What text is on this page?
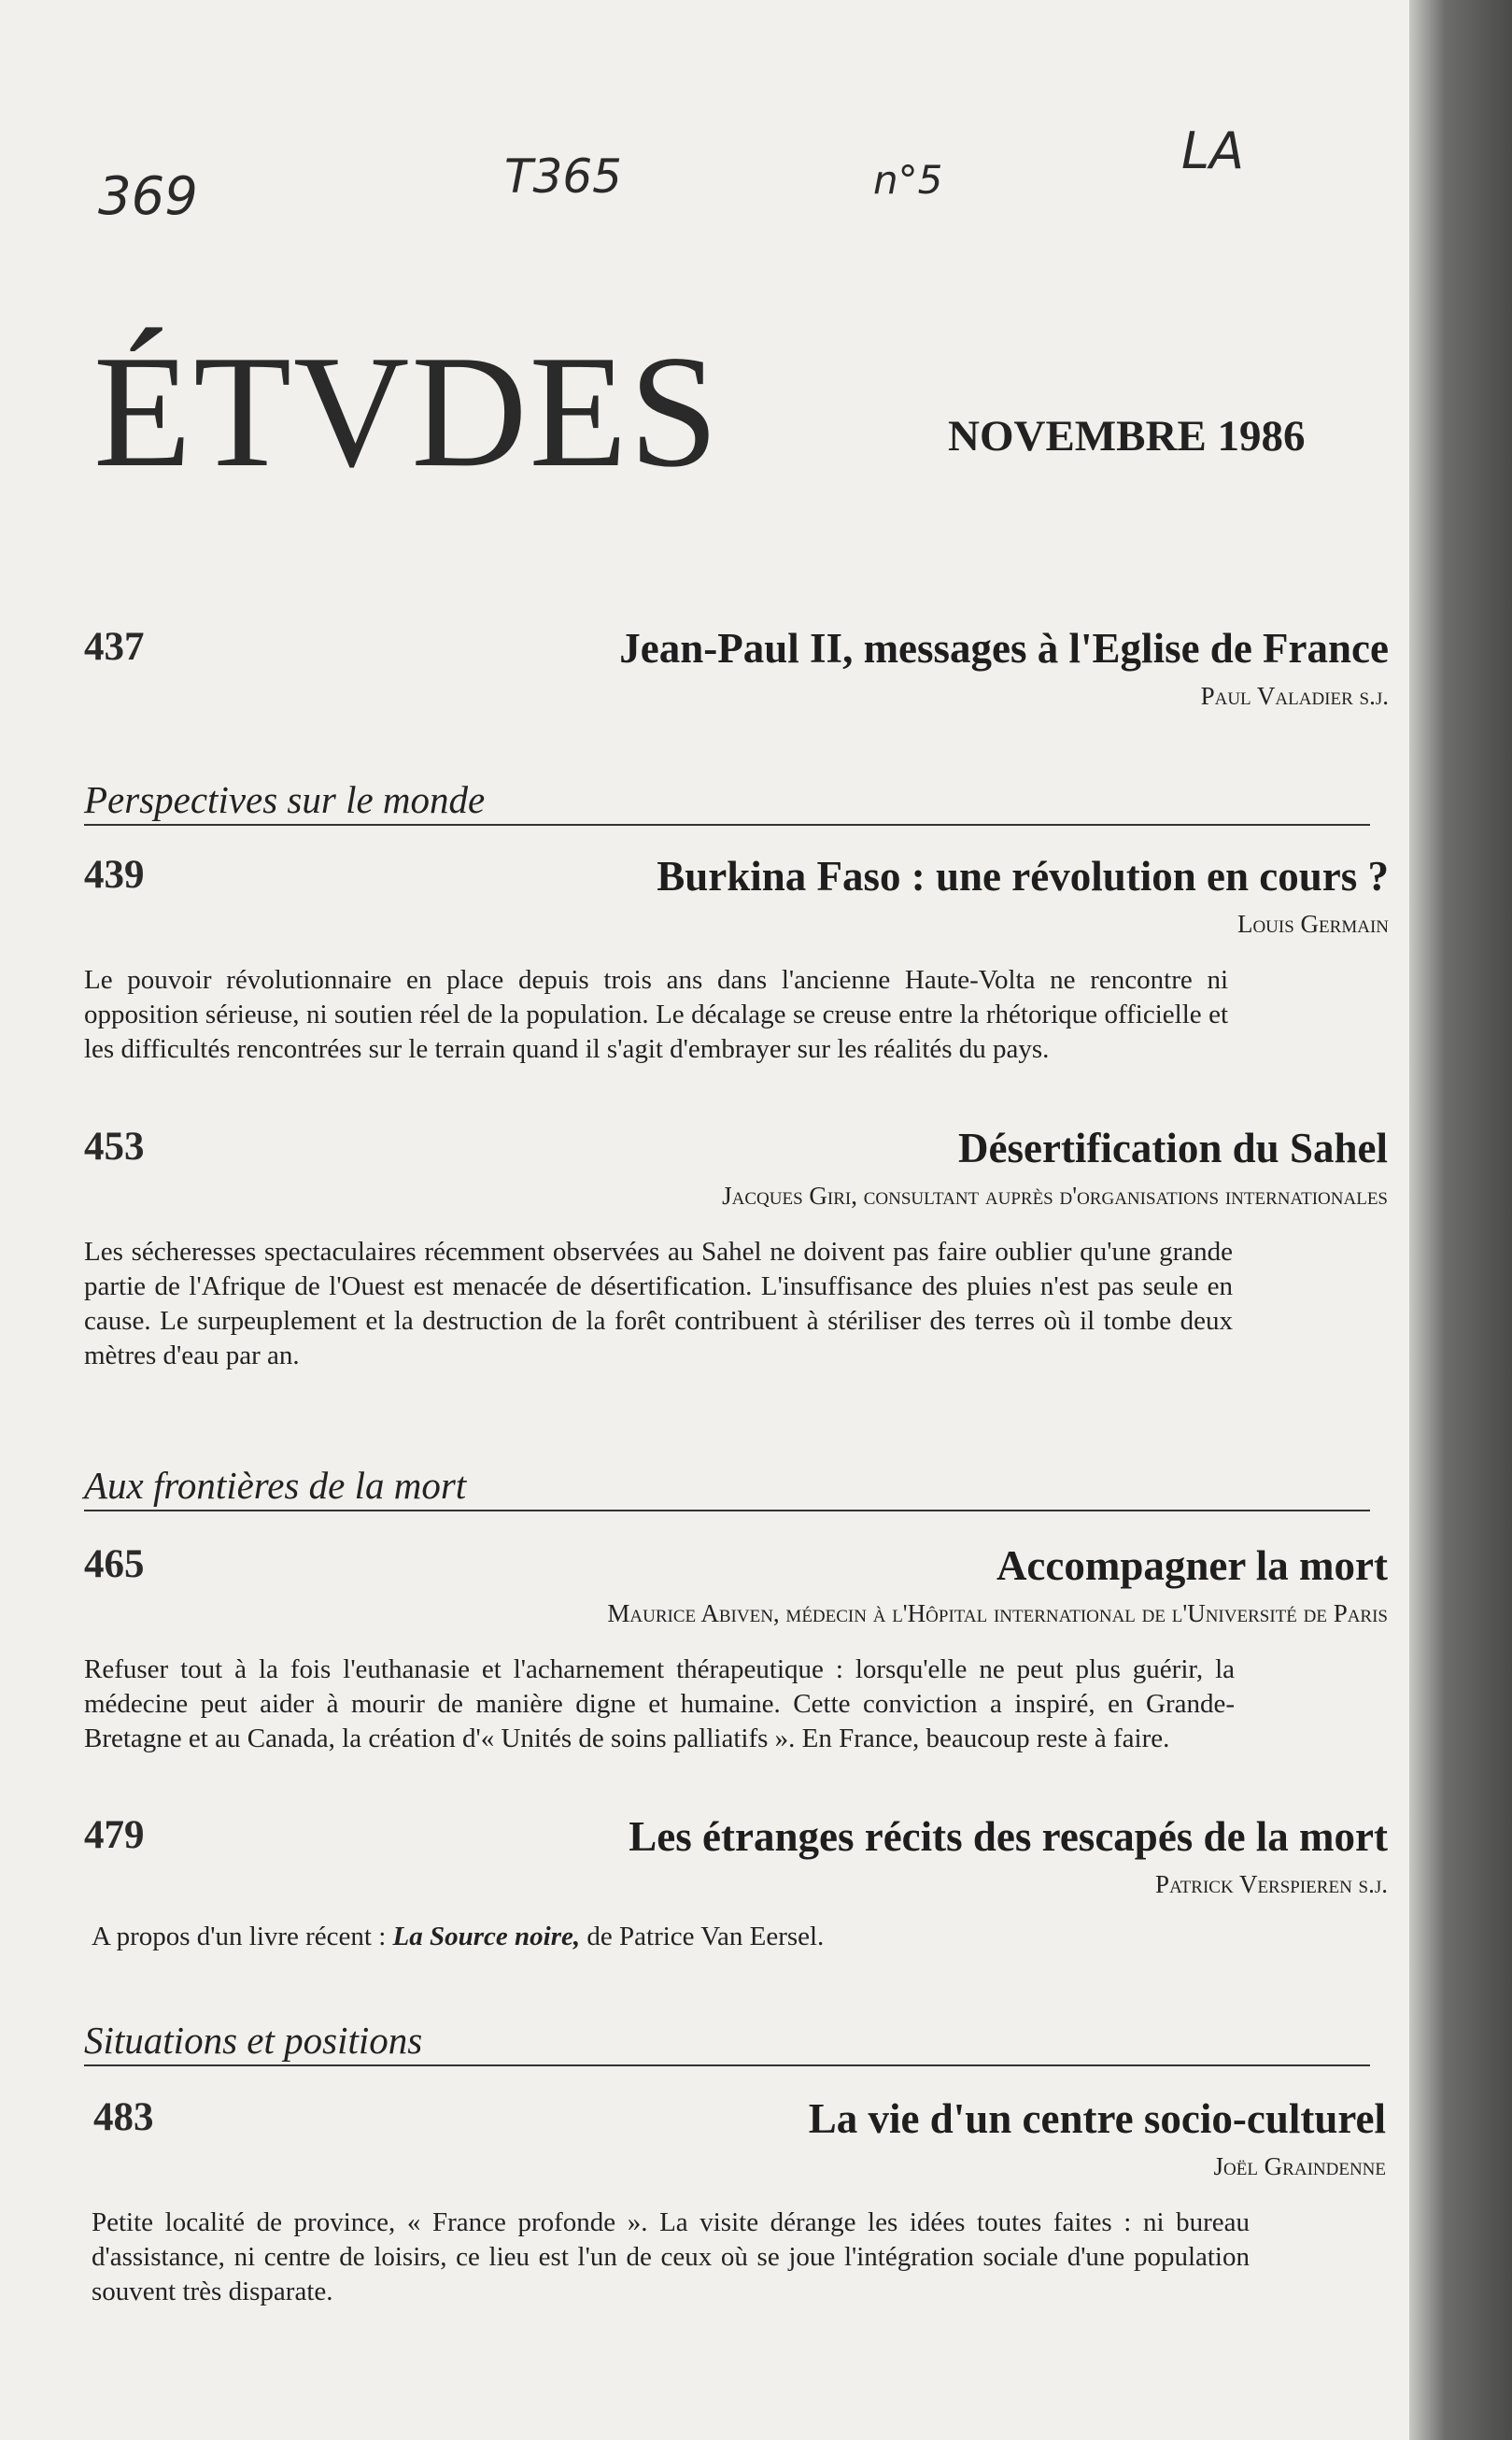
369	T365	n°5	LA
ÉTVDES	NOVEMBRE 1986
437	Jean-Paul II, messages à l'Eglise de France
Paul Valadier s.j.
Perspectives sur le monde
439	Burkina Faso : une révolution en cours ?
Louis Germain
Le pouvoir révolutionnaire en place depuis trois ans dans l'ancienne Haute-Volta ne rencontre ni opposition sérieuse, ni soutien réel de la population. Le décalage se creuse entre la rhétorique officielle et les difficultés rencontrées sur le terrain quand il s'agit d'embrayer sur les réalités du pays.
453	Désertification du Sahel
Jacques Giri, consultant auprès d'organisations internationales
Les sécheresses spectaculaires récemment observées au Sahel ne doivent pas faire oublier qu'une grande partie de l'Afrique de l'Ouest est menacée de désertification. L'insuffisance des pluies n'est pas seule en cause. Le surpeuplement et la destruction de la forêt contribuent à stériliser des terres où il tombe deux mètres d'eau par an.
Aux frontières de la mort
465	Accompagner la mort
Maurice Abiven, médecin à l'Hôpital international de l'Université de Paris
Refuser tout à la fois l'euthanasie et l'acharnement thérapeutique : lorsqu'elle ne peut plus guérir, la médecine peut aider à mourir de manière digne et humaine. Cette conviction a inspiré, en Grande-Bretagne et au Canada, la création d'« Unités de soins palliatifs ». En France, beaucoup reste à faire.
479	Les étranges récits des rescapés de la mort
Patrick Verspieren s.j.
A propos d'un livre récent : La Source noire, de Patrice Van Eersel.
Situations et positions
483	La vie d'un centre socio-culturel
Joël Graindenne
Petite localité de province, « France profonde ». La visite dérange les idées toutes faites : ni bureau d'assistance, ni centre de loisirs, ce lieu est l'un de ceux où se joue l'intégration sociale d'une population souvent très disparate.
